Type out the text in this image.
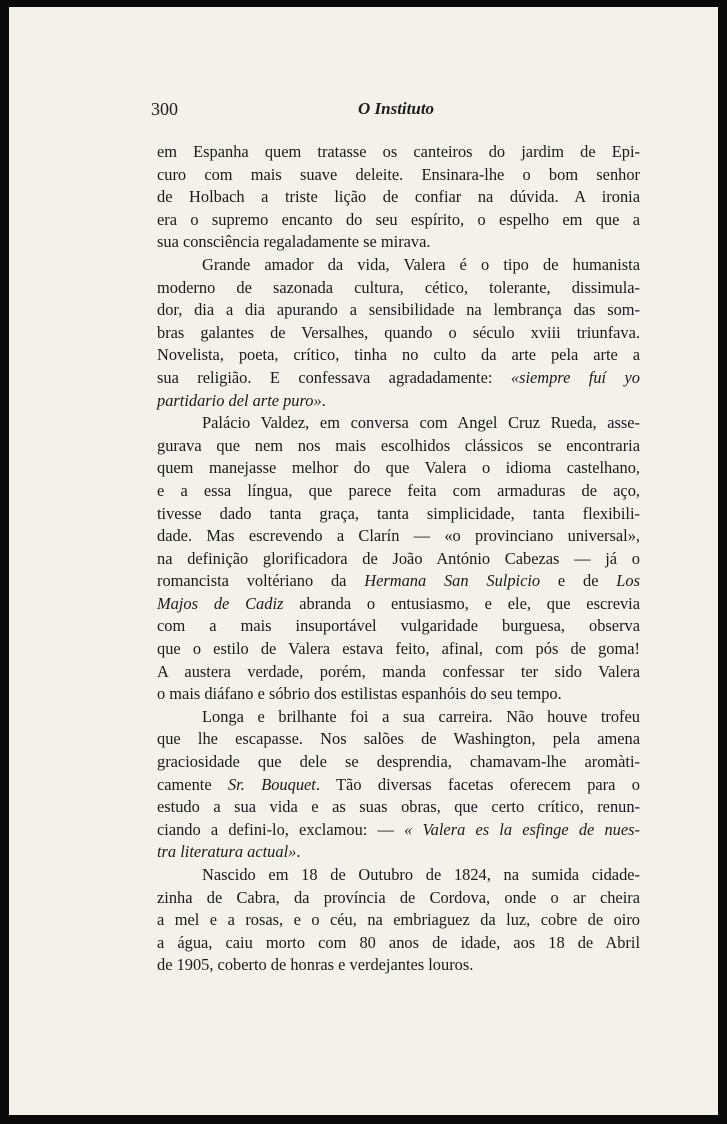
300	O Instituto
em Espanha quem tratasse os canteiros do jardim de Epi-
curo com mais suave deleite. Ensinara-lhe o bom senhor
de Holbach a triste lição de confiar na dúvida. A ironia
era o supremo encanto do seu espírito, o espelho em que a
sua consciência regaladamente se mirava.
Grande amador da vida, Valera é o tipo de humanista
moderno de sazonada cultura, cético, tolerante, dissimula-
dor, dia a dia apurando a sensibilidade na lembrança das som-
bras galantes de Versalhes, quando o século xviii triunfava.
Novelista, poeta, crítico, tinha no culto da arte pela arte a
sua religião. E confessava agradadamente: «siempre fuí yo
partidario del arte puro».
Palácio Valdez, em conversa com Angel Cruz Rueda, asse-
gurava que nem nos mais escolhidos clássicos se encontraria
quem manejasse melhor do que Valera o idioma castelhano,
e a essa língua, que parece feita com armaduras de aço,
tivesse dado tanta graça, tanta simplicidade, tanta flexibili-
dade. Mas escrevendo a Clarín — «o provinciano universal»,
na definição glorificadora de João António Cabezas — já o
romancista voltériano da Hermana San Sulpicio e de Los
Majos de Cadiz abranda o entusiasmo, e ele, que escrevia
com a mais insuportável vulgaridade burguesa, observa
que o estilo de Valera estava feito, afinal, com pós de goma!
A austera verdade, porém, manda confessar ter sido Valera
o mais diáfano e sóbrio dos estilistas espanhóis do seu tempo.
Longa e brilhante foi a sua carreira. Não houve trofeu
que lhe escapasse. Nos salões de Washington, pela amena
graciosidade que dele se desprendia, chamavam-lhe aromàti-
camente Sr. Bouquet. Tão diversas facetas oferecem para o
estudo a sua vida e as suas obras, que certo crítico, renun-
ciando a defini-lo, exclamou: — « Valera es la esfinge de nues-
tra literatura actual».
Nascido em 18 de Outubro de 1824, na sumida cidade-
zinha de Cabra, da província de Cordova, onde o ar cheira
a mel e a rosas, e o céu, na embriaguez da luz, cobre de oiro
a água, caiu morto com 80 anos de idade, aos 18 de Abril
de 1905, coberto de honras e verdejantes louros.
